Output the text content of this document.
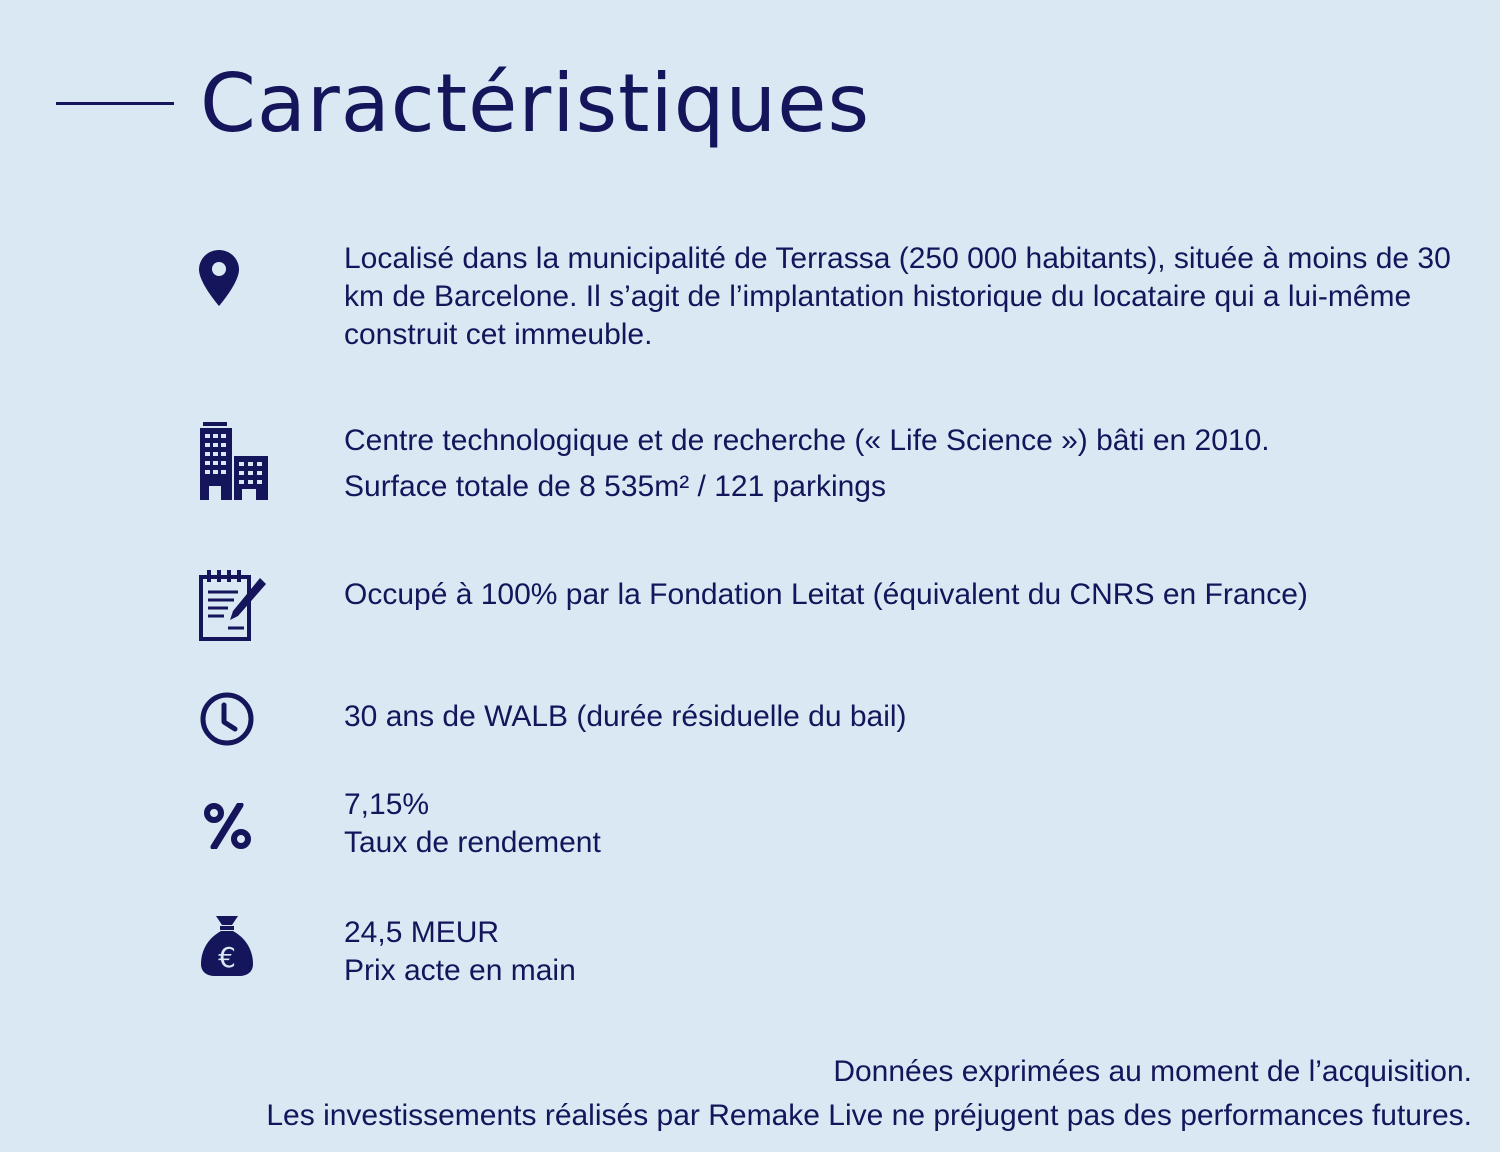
Caractéristiques
Localisé dans la municipalité de Terrassa (250 000 habitants), située à moins de 30 km de Barcelone. Il s’agit de l’implantation historique du locataire qui a lui-même construit cet immeuble.
Centre technologique et de recherche (« Life Science ») bâti en 2010.
Surface totale de 8 535m² / 121 parkings
Occupé à 100% par la Fondation Leitat (équivalent du CNRS en France)
30 ans de WALB (durée résiduelle du bail)
7,15%
Taux de rendement
€
24,5 MEUR
Prix acte en main
Données exprimées au moment de l’acquisition.
Les investissements réalisés par Remake Live ne préjugent pas des performances futures.
